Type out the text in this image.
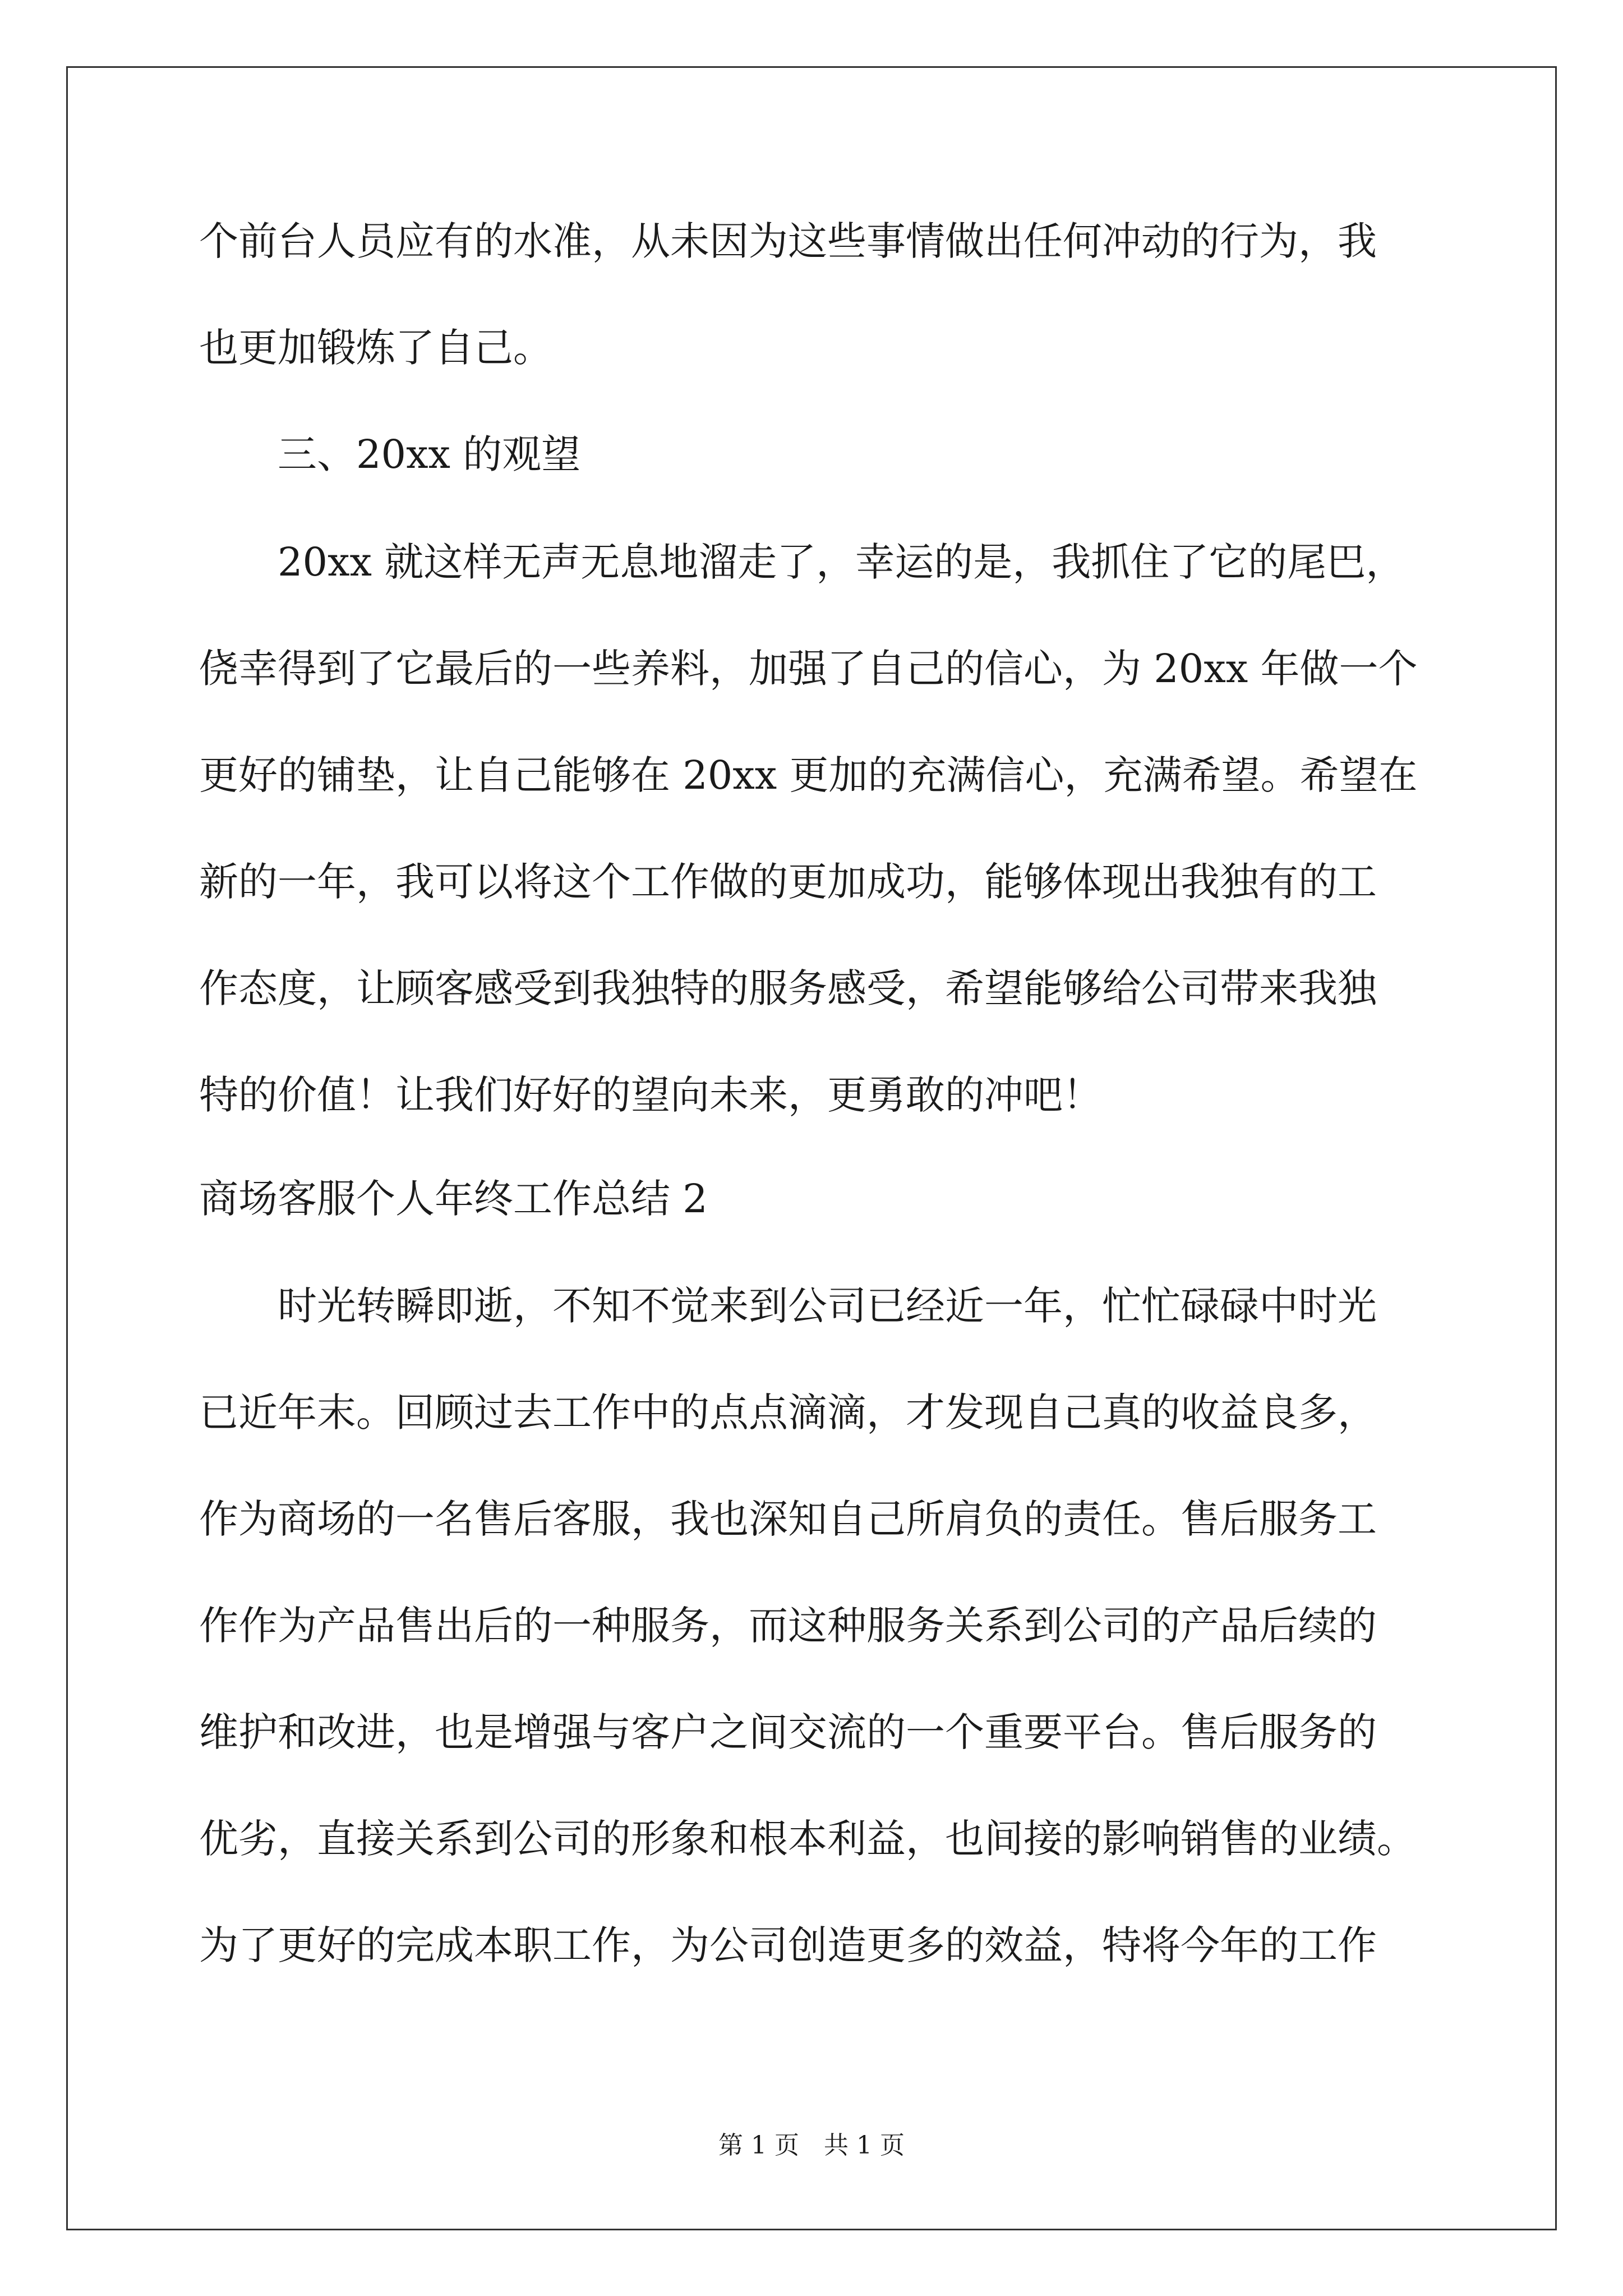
个前台人员应有的水准，从未因为这些事情做出任何冲动的行为，我
也更加锻炼了自己。
三、20xx 的观望
20xx 就这样无声无息地溜走了，幸运的是，我抓住了它的尾巴，
侥幸得到了它最后的一些养料，加强了自己的信心，为 20xx 年做一个
更好的铺垫，让自己能够在 20xx 更加的充满信心，充满希望。希望在
新的一年，我可以将这个工作做的更加成功，能够体现出我独有的工
作态度，让顾客感受到我独特的服务感受，希望能够给公司带来我独
特的价值！让我们好好的望向未来，更勇敢的冲吧！
商场客服个人年终工作总结 2
时光转瞬即逝，不知不觉来到公司已经近一年，忙忙碌碌中时光
已近年末。回顾过去工作中的点点滴滴，才发现自己真的收益良多，
作为商场的一名售后客服，我也深知自己所肩负的责任。售后服务工
作作为产品售出后的一种服务，而这种服务关系到公司的产品后续的
维护和改进，也是增强与客户之间交流的一个重要平台。售后服务的
优劣，直接关系到公司的形象和根本利益，也间接的影响销售的业绩。
为了更好的完成本职工作，为公司创造更多的效益，特将今年的工作
第 1 页　共 1 页
